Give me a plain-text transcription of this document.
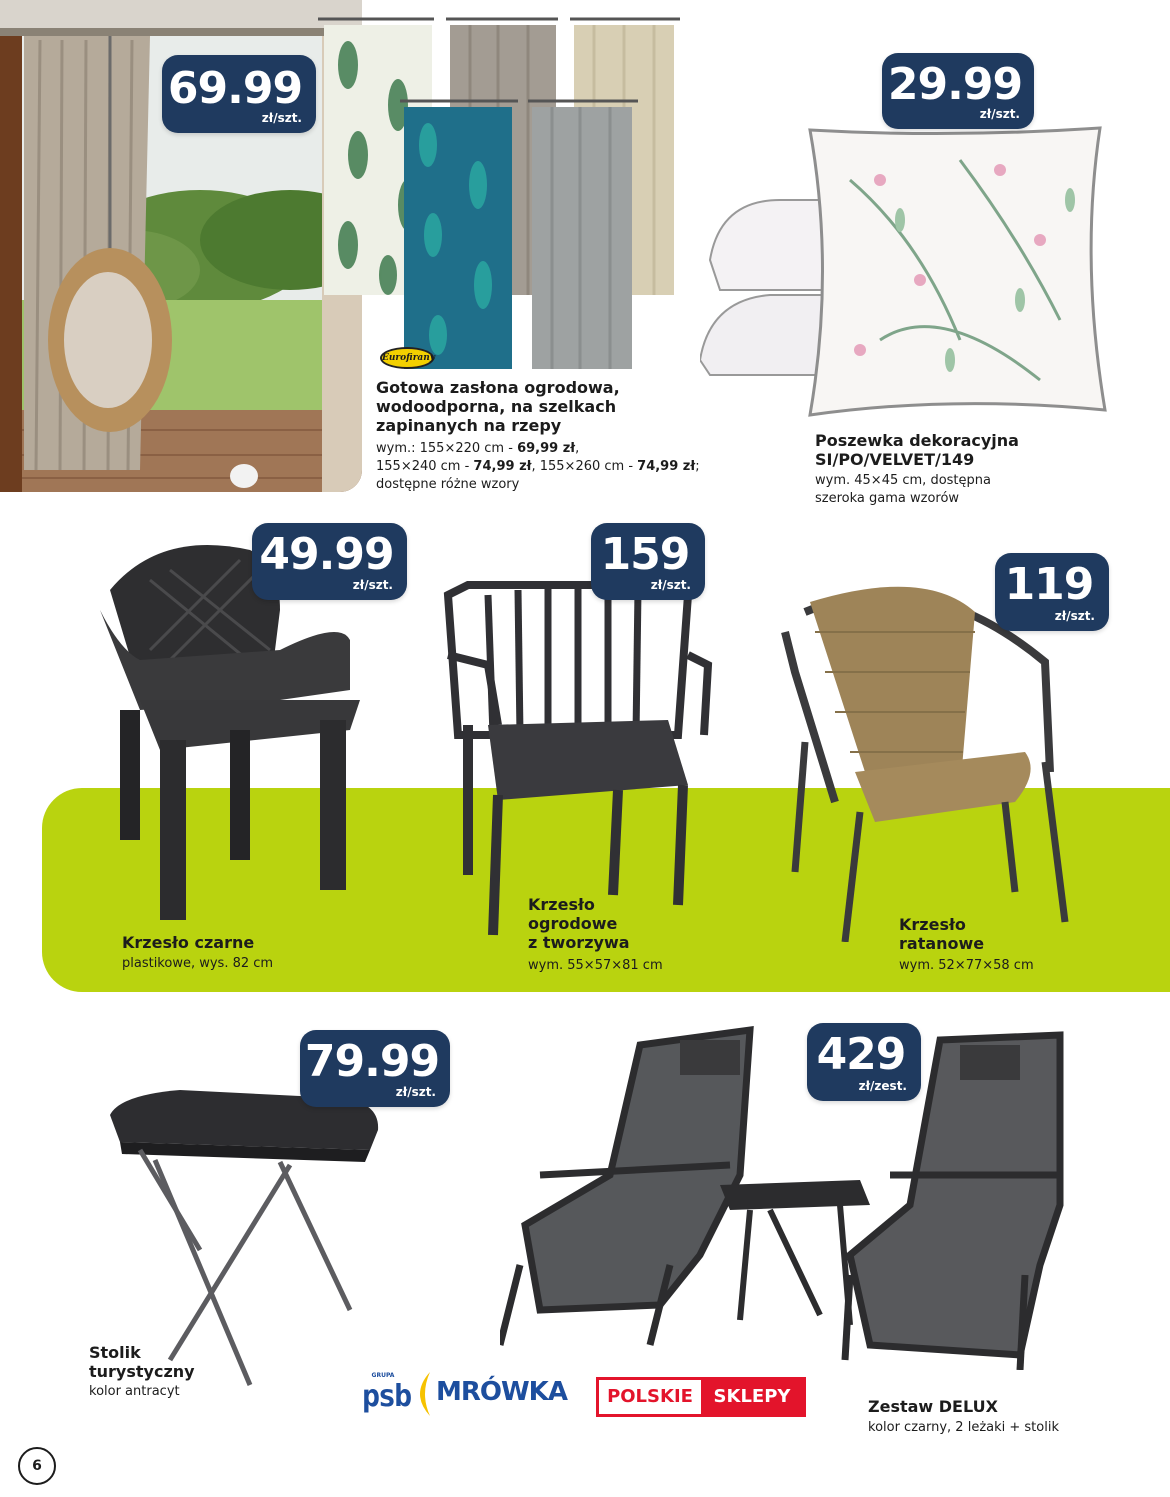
69.99
zł/szt.
Eurofirany
Gotowa zasłona ogrodowa, wodoodporna, na szelkach zapinanych na rzepy
wym.: 155×220 cm - 69,99 zł,
155×240 cm - 74,99 zł, 155×260 cm - 74,99 zł;
dostępne różne wzory
29.99
zł/szt.
Poszewka dekoracyjna
SI/PO/VELVET/149
wym. 45×45 cm, dostępna
szeroka gama wzorów
49.99
zł/szt.
Krzesło czarne
plastikowe, wys. 82 cm
159
zł/szt.
Krzesło
ogrodowe
z tworzywa
wym. 55×57×81 cm
119
zł/szt.
Krzesło
ratanowe
wym. 52×77×58 cm
79.99
zł/szt.
Stolik
turystyczny
kolor antracyt
429
zł/zest.
Zestaw DELUX
kolor czarny, 2 leżaki + stolik
GRUPA
psb MRÓWKA	POLSKIE	SKLEPY
6
